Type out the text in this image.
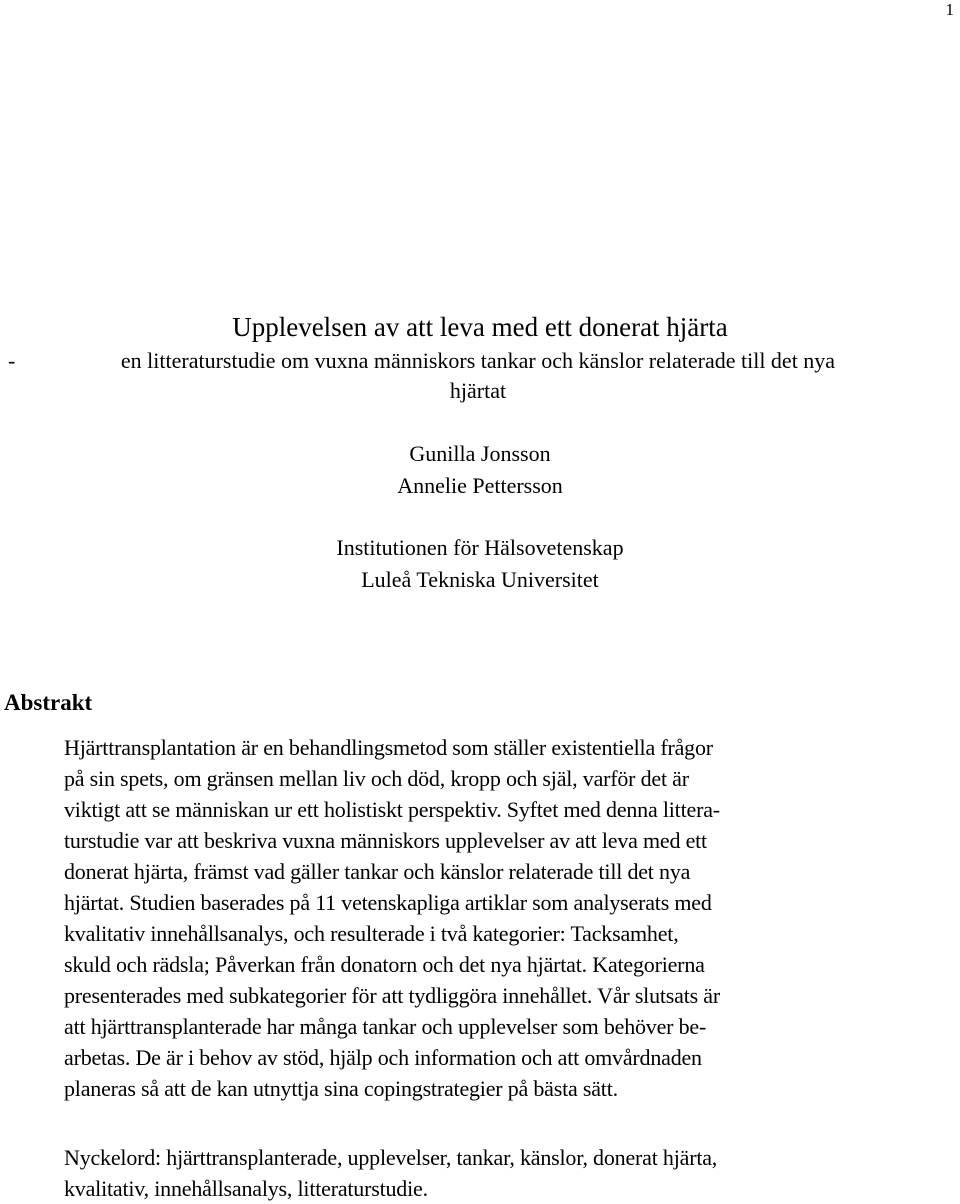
1
Upplevelsen av att leva med ett donerat hjärta
-	en litteraturstudie om vuxna människors tankar och känslor relaterade till det nya
hjärtat
Gunilla Jonsson
Annelie Pettersson
Institutionen för Hälsovetenskap
Luleå Tekniska Universitet
Abstrakt
Hjärttransplantation är en behandlingsmetod som ställer existentiella frågor
på sin spets, om gränsen mellan liv och död, kropp och själ, varför det är
viktigt att se människan ur ett holistiskt perspektiv. Syftet med denna littera-
turstudie var att beskriva vuxna människors upplevelser av att leva med ett
donerat hjärta, främst vad gäller tankar och känslor relaterade till det nya
hjärtat. Studien baserades på 11 vetenskapliga artiklar som analyserats med
kvalitativ innehållsanalys, och resulterade i två kategorier: Tacksamhet,
skuld och rädsla; Påverkan från donatorn och det nya hjärtat. Kategorierna
presenterades med subkategorier för att tydliggöra innehållet. Vår slutsats är
att hjärttransplanterade har många tankar och upplevelser som behöver be-
arbetas. De är i behov av stöd, hjälp och information och att omvårdnaden
planeras så att de kan utnyttja sina copingstrategier på bästa sätt.
Nyckelord: hjärttransplanterade, upplevelser, tankar, känslor, donerat hjärta,
kvalitativ, innehållsanalys, litteraturstudie.
